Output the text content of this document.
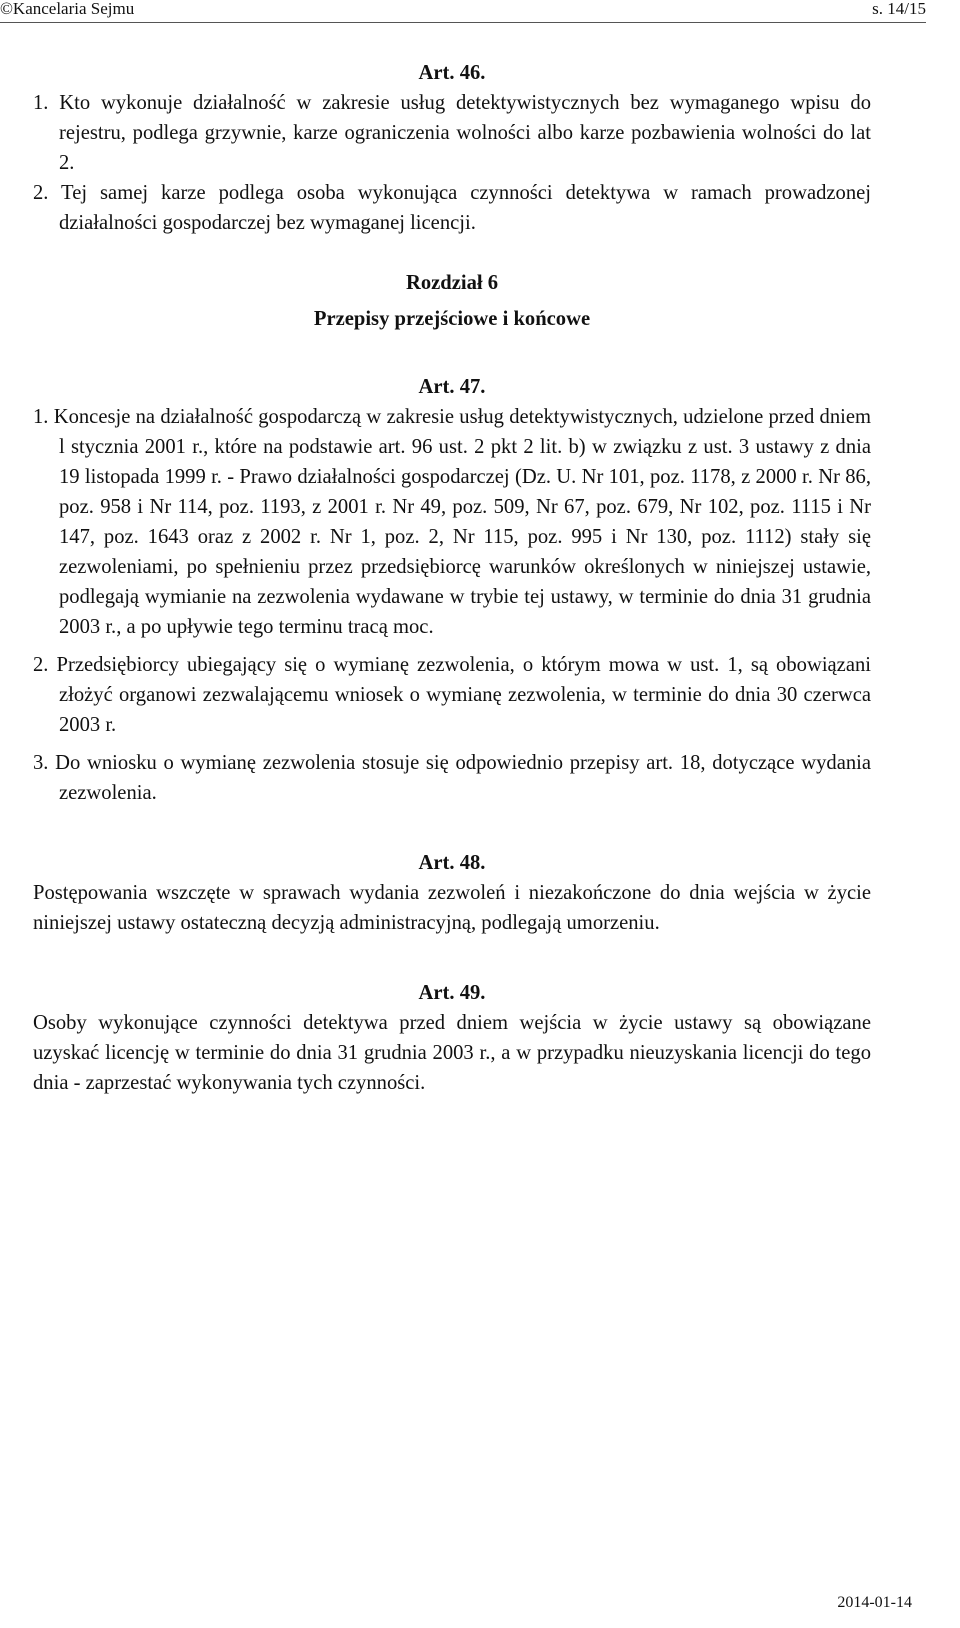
©Kancelaria Sejmu	s. 14/15

Art. 46.

1. Kto wykonuje działalność w zakresie usług detektywistycznych bez wymaganego wpisu do rejestru, podlega grzywnie, karze ograniczenia wolności albo karze pozbawienia wolności do lat 2.

2. Tej samej karze podlega osoba wykonująca czynności detektywa w ramach prowadzonej działalności gospodarczej bez wymaganej licencji.

Rozdział 6

Przepisy przejściowe i końcowe

Art. 47.

1. Koncesje na działalność gospodarczą w zakresie usług detektywistycznych, udzielone przed dniem l stycznia 2001 r., które na podstawie art. 96 ust. 2 pkt 2 lit. b) w związku z ust. 3 ustawy z dnia 19 listopada 1999 r. - Prawo działalności gospodarczej (Dz. U. Nr 101, poz. 1178, z 2000 r. Nr 86, poz. 958 i Nr 114, poz. 1193, z 2001 r. Nr 49, poz. 509, Nr 67, poz. 679, Nr 102, poz. 1115 i Nr 147, poz. 1643 oraz z 2002 r. Nr 1, poz. 2, Nr 115, poz. 995 i Nr 130, poz. 1112) stały się zezwoleniami, po spełnieniu przez przedsiębiorcę warunków określonych w niniejszej ustawie, podlegają wymianie na zezwolenia wydawane w trybie tej ustawy, w terminie do dnia 31 grudnia 2003 r., a po upływie tego terminu tracą moc.

2. Przedsiębiorcy ubiegający się o wymianę zezwolenia, o którym mowa w ust. 1, są obowiązani złożyć organowi zezwalającemu wniosek o wymianę zezwolenia, w terminie do dnia 30 czerwca 2003 r.

3. Do wniosku o wymianę zezwolenia stosuje się odpowiednio przepisy art. 18, dotyczące wydania zezwolenia.

Art. 48.

Postępowania wszczęte w sprawach wydania zezwoleń i niezakończone do dnia wejścia w życie niniejszej ustawy ostateczną decyzją administracyjną, podlegają umorzeniu.

Art. 49.

Osoby wykonujące czynności detektywa przed dniem wejścia w życie ustawy są obowiązane uzyskać licencję w terminie do dnia 31 grudnia 2003 r., a w przypadku nieuzyskania licencji do tego dnia - zaprzestać wykonywania tych czynności.

2014-01-14
